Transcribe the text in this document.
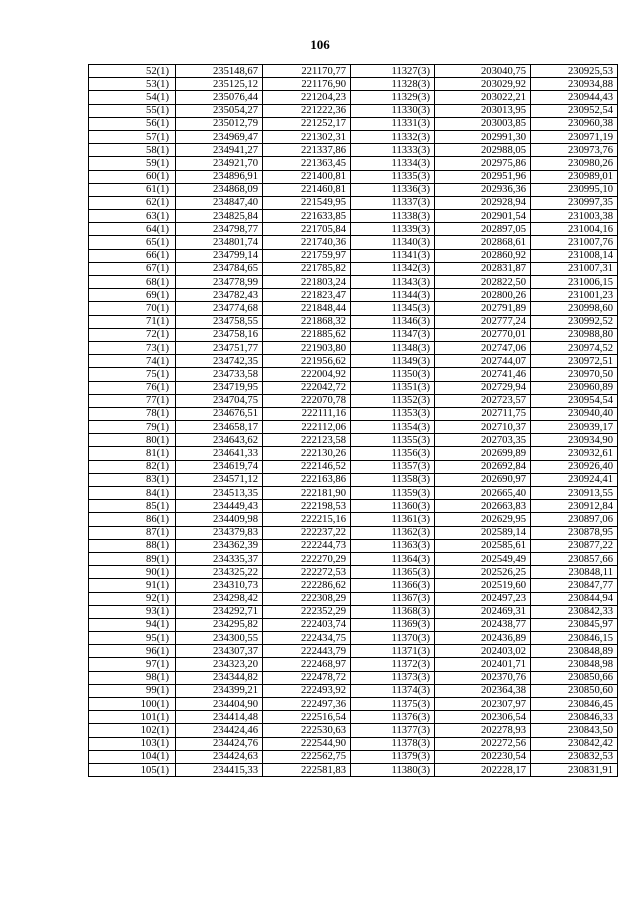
106
52(1)	235148,67	221170,77	11327(3)	203040,75	230925,53
53(1)	235125,12	221176,90	11328(3)	203029,92	230934,88
54(1)	235076,44	221204,23	11329(3)	203022,21	230944,43
55(1)	235054,27	221222,36	11330(3)	203013,95	230952,54
56(1)	235012,79	221252,17	11331(3)	203003,85	230960,38
57(1)	234969,47	221302,31	11332(3)	202991,30	230971,19
58(1)	234941,27	221337,86	11333(3)	202988,05	230973,76
59(1)	234921,70	221363,45	11334(3)	202975,86	230980,26
60(1)	234896,91	221400,81	11335(3)	202951,96	230989,01
61(1)	234868,09	221460,81	11336(3)	202936,36	230995,10
62(1)	234847,40	221549,95	11337(3)	202928,94	230997,35
63(1)	234825,84	221633,85	11338(3)	202901,54	231003,38
64(1)	234798,77	221705,84	11339(3)	202897,05	231004,16
65(1)	234801,74	221740,36	11340(3)	202868,61	231007,76
66(1)	234799,14	221759,97	11341(3)	202860,92	231008,14
67(1)	234784,65	221785,82	11342(3)	202831,87	231007,31
68(1)	234778,99	221803,24	11343(3)	202822,50	231006,15
69(1)	234782,43	221823,47	11344(3)	202800,26	231001,23
70(1)	234774,68	221848,44	11345(3)	202791,89	230998,60
71(1)	234758,55	221868,32	11346(3)	202777,24	230992,52
72(1)	234758,16	221885,62	11347(3)	202770,01	230988,80
73(1)	234751,77	221903,80	11348(3)	202747,06	230974,52
74(1)	234742,35	221956,62	11349(3)	202744,07	230972,51
75(1)	234733,58	222004,92	11350(3)	202741,46	230970,50
76(1)	234719,95	222042,72	11351(3)	202729,94	230960,89
77(1)	234704,75	222070,78	11352(3)	202723,57	230954,54
78(1)	234676,51	222111,16	11353(3)	202711,75	230940,40
79(1)	234658,17	222112,06	11354(3)	202710,37	230939,17
80(1)	234643,62	222123,58	11355(3)	202703,35	230934,90
81(1)	234641,33	222130,26	11356(3)	202699,89	230932,61
82(1)	234619,74	222146,52	11357(3)	202692,84	230926,40
83(1)	234571,12	222163,86	11358(3)	202690,97	230924,41
84(1)	234513,35	222181,90	11359(3)	202665,40	230913,55
85(1)	234449,43	222198,53	11360(3)	202663,83	230912,84
86(1)	234409,98	222215,16	11361(3)	202629,95	230897,06
87(1)	234379,83	222237,22	11362(3)	202589,14	230878,95
88(1)	234362,39	222244,73	11363(3)	202585,61	230877,22
89(1)	234335,37	222270,29	11364(3)	202549,49	230857,66
90(1)	234325,22	222272,53	11365(3)	202526,25	230848,11
91(1)	234310,73	222286,62	11366(3)	202519,60	230847,77
92(1)	234298,42	222308,29	11367(3)	202497,23	230844,94
93(1)	234292,71	222352,29	11368(3)	202469,31	230842,33
94(1)	234295,82	222403,74	11369(3)	202438,77	230845,97
95(1)	234300,55	222434,75	11370(3)	202436,89	230846,15
96(1)	234307,37	222443,79	11371(3)	202403,02	230848,89
97(1)	234323,20	222468,97	11372(3)	202401,71	230848,98
98(1)	234344,82	222478,72	11373(3)	202370,76	230850,66
99(1)	234399,21	222493,92	11374(3)	202364,38	230850,60
100(1)	234404,90	222497,36	11375(3)	202307,97	230846,45
101(1)	234414,48	222516,54	11376(3)	202306,54	230846,33
102(1)	234424,46	222530,63	11377(3)	202278,93	230843,50
103(1)	234424,76	222544,90	11378(3)	202272,56	230842,42
104(1)	234424,63	222562,75	11379(3)	202230,54	230832,53
105(1)	234415,33	222581,83	11380(3)	202228,17	230831,91
